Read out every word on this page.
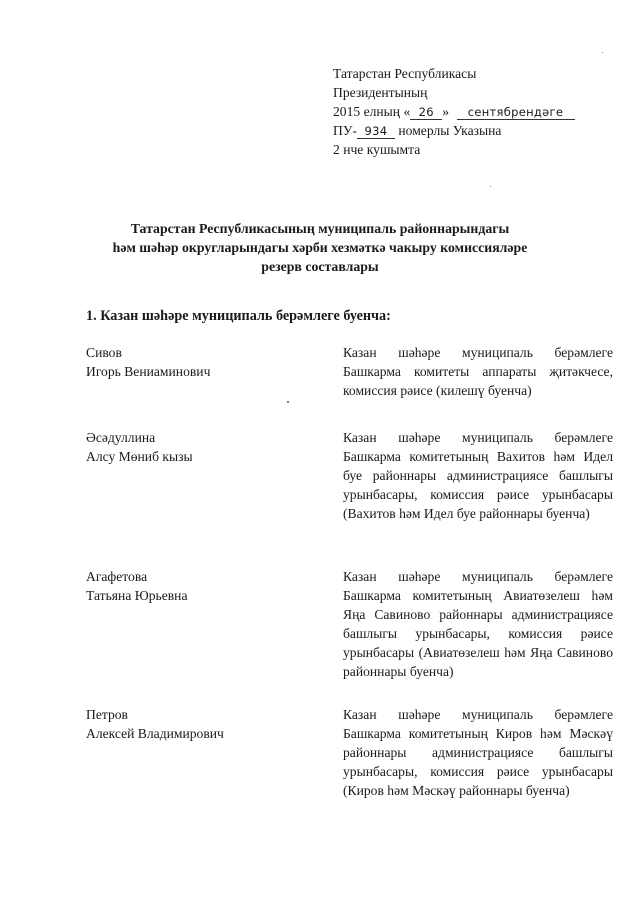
Татарстан Республикасы
Президентының
2015 елның « 26 » сентябрендәге
ПУ- 934 номерлы Указына
2 нче кушымта
Татарстан Республикасының муниципаль районнарындагы
һәм шәһәр округларындагы хәрби хезмәткә чакыру комиссияләре
резерв составлары
1. Казан шәһәре муниципаль берәмлеге буенча:
Сивов
Игорь Вениаминович
Казан шәһәре муниципаль берәмлеге Башкарма комитеты аппараты җитәкчесе, комиссия рәисе (килешү буенча)
Әсәдуллина
Алсу Мөниб кызы
Казан шәһәре муниципаль берәмлеге Башкарма комитетының Вахитов һәм Идел буе районнары администрациясе башлыгы урынбасары, комиссия рәисе урынбасары (Вахитов һәм Идел буе районнары буенча)
Агафетова
Татьяна Юрьевна
Казан шәһәре муниципаль берәмлеге Башкарма комитетының Авиатөзелеш һәм Яңа Савиново районнары администрациясе башлыгы урынбасары, комиссия рәисе урынбасары (Авиатөзелеш һәм Яңа Савиново районнары буенча)
Петров
Алексей Владимирович
Казан шәһәре муниципаль берәмлеге Башкарма комитетының Киров һәм Мәскәү районнары администрациясе башлыгы урынбасары, комиссия рәисе урынбасары (Киров һәм Мәскәү районнары буенча)
